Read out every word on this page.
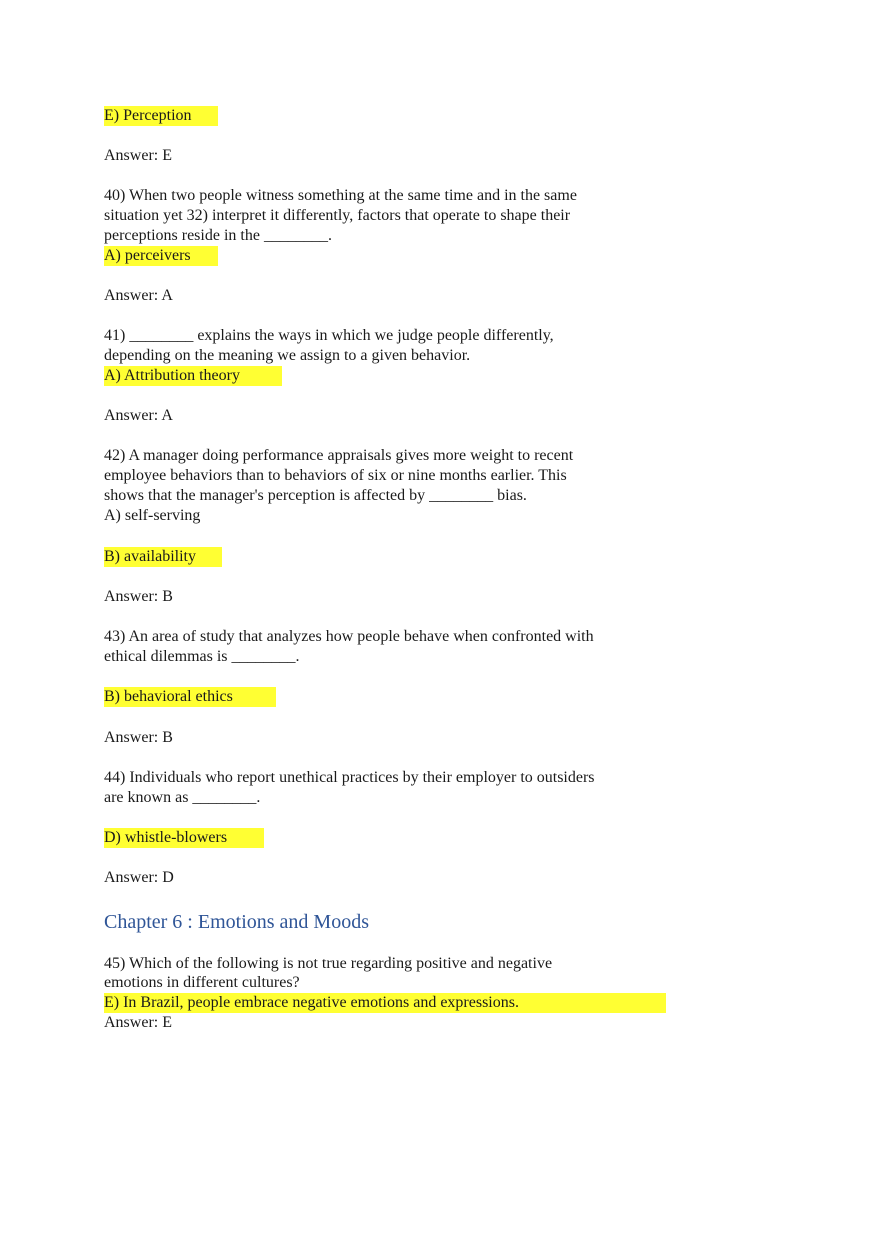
E) Perception
Answer: E
40) When two people witness something at the same time and in the same
situation yet 32) interpret it differently, factors that operate to shape their
perceptions reside in the ________.
A) perceivers
Answer: A
41) ________ explains the ways in which we judge people differently,
depending on the meaning we assign to a given behavior.
A) Attribution theory
Answer: A
42) A manager doing performance appraisals gives more weight to recent
employee behaviors than to behaviors of six or nine months earlier. This
shows that the manager's perception is affected by ________ bias.
A) self-serving
B) availability
Answer: B
43) An area of study that analyzes how people behave when confronted with
ethical dilemmas is ________.
B) behavioral ethics
Answer: B
44) Individuals who report unethical practices by their employer to outsiders
are known as ________.
D) whistle-blowers
Answer: D
Chapter 6 : Emotions and Moods
45) Which of the following is not true regarding positive and negative
emotions in different cultures?
E) In Brazil, people embrace negative emotions and expressions.
Answer: E
